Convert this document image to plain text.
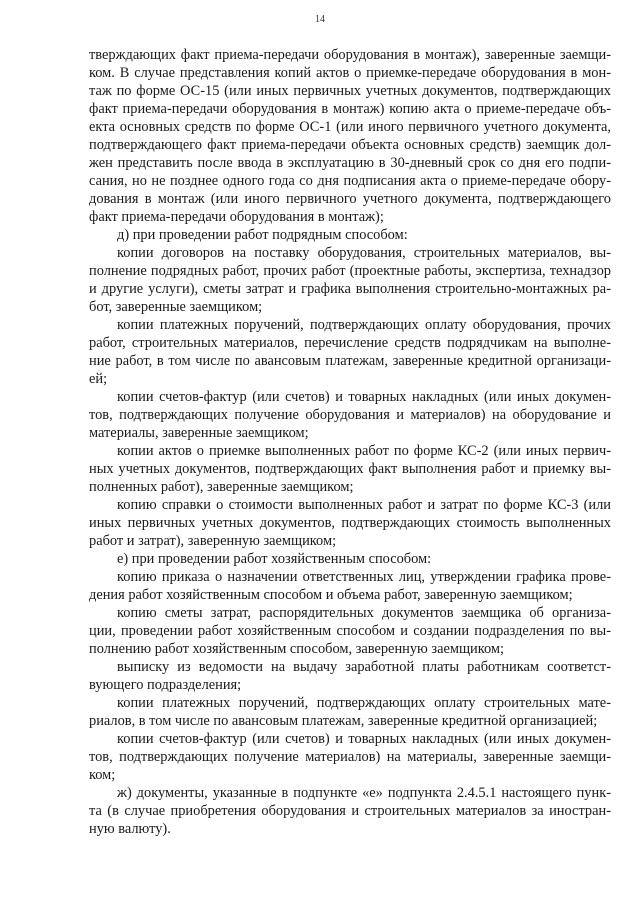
14
тверждающих факт приема-передачи оборудования в монтаж), заверенные заемщи-
ком. В случае представления копий актов о приемке-передаче оборудования в мон-
таж по форме ОС-15 (или иных первичных учетных документов, подтверждающих
факт приема-передачи оборудования в монтаж) копию акта о приеме-передаче объ-
екта основных средств по форме ОС-1 (или иного первичного учетного документа,
подтверждающего факт приема-передачи объекта основных средств) заемщик дол-
жен представить после ввода в эксплуатацию в 30-дневный срок со дня его подпи-
сания, но не позднее одного года со дня подписания акта о приеме-передаче обору-
дования в монтаж (или иного первичного учетного документа, подтверждающего
факт приема-передачи оборудования в монтаж);
д) при проведении работ подрядным способом:
копии договоров на поставку оборудования, строительных материалов, вы-
полнение подрядных работ, прочих работ (проектные работы, экспертиза, технадзор
и другие услуги), сметы затрат и графика выполнения строительно-монтажных ра-
бот, заверенные заемщиком;
копии платежных поручений, подтверждающих оплату оборудования, прочих
работ, строительных материалов, перечисление средств подрядчикам на выполне-
ние работ, в том числе по авансовым платежам, заверенные кредитной организаци-
ей;
копии счетов-фактур (или счетов) и товарных накладных (или иных докумен-
тов, подтверждающих получение оборудования и материалов) на оборудование и
материалы, заверенные заемщиком;
копии актов о приемке выполненных работ по форме КС-2 (или иных первич-
ных учетных документов, подтверждающих факт выполнения работ и приемку вы-
полненных работ), заверенные заемщиком;
копию справки о стоимости выполненных работ и затрат по форме КС-3 (или
иных первичных учетных документов, подтверждающих стоимость выполненных
работ и затрат), заверенную заемщиком;
е) при проведении работ хозяйственным способом:
копию приказа о назначении ответственных лиц, утверждении графика прове-
дения работ хозяйственным способом и объема работ, заверенную заемщиком;
копию сметы затрат, распорядительных документов заемщика об организа-
ции, проведении работ хозяйственным способом и создании подразделения по вы-
полнению работ хозяйственным способом, заверенную заемщиком;
выписку из ведомости на выдачу заработной платы работникам соответст-
вующего подразделения;
копии платежных поручений, подтверждающих оплату строительных мате-
риалов, в том числе по авансовым платежам, заверенные кредитной организацией;
копии счетов-фактур (или счетов) и товарных накладных (или иных докумен-
тов, подтверждающих получение материалов) на материалы, заверенные заемщи-
ком;
ж) документы, указанные в подпункте «е» подпункта 2.4.5.1 настоящего пунк-
та (в случае приобретения оборудования и строительных материалов за иностран-
ную валюту).
